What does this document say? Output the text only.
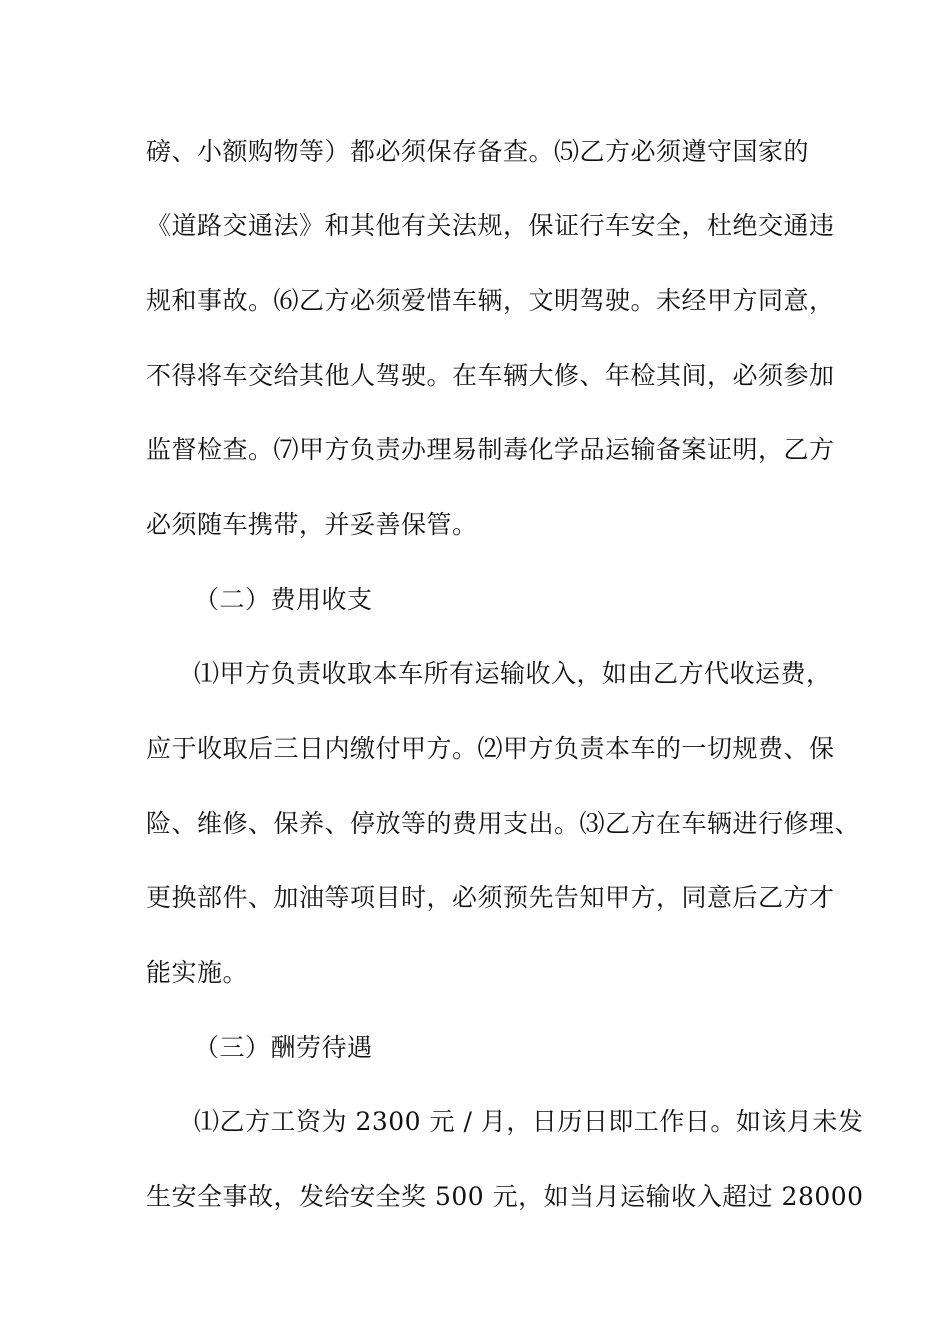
磅、小额购物等）都必须保存备查。⑸乙方必须遵守国家的
《道路交通法》和其他有关法规，保证行车安全，杜绝交通违
规和事故。⑹乙方必须爱惜车辆，文明驾驶。未经甲方同意，
不得将车交给其他人驾驶。在车辆大修、年检其间，必须参加
监督检查。⑺甲方负责办理易制毒化学品运输备案证明，乙方
必须随车携带，并妥善保管。
（二）费用收支
⑴甲方负责收取本车所有运输收入，如由乙方代收运费，
应于收取后三日内缴付甲方。⑵甲方负责本车的一切规费、保
险、维修、保养、停放等的费用支出。⑶乙方在车辆进行修理、
更换部件、加油等项目时，必须预先告知甲方，同意后乙方才
能实施。
（三）酬劳待遇
⑴乙方工资为 2300 元 / 月，日历日即工作日。如该月未发
生安全事故，发给安全奖 500 元，如当月运输收入超过 28000
